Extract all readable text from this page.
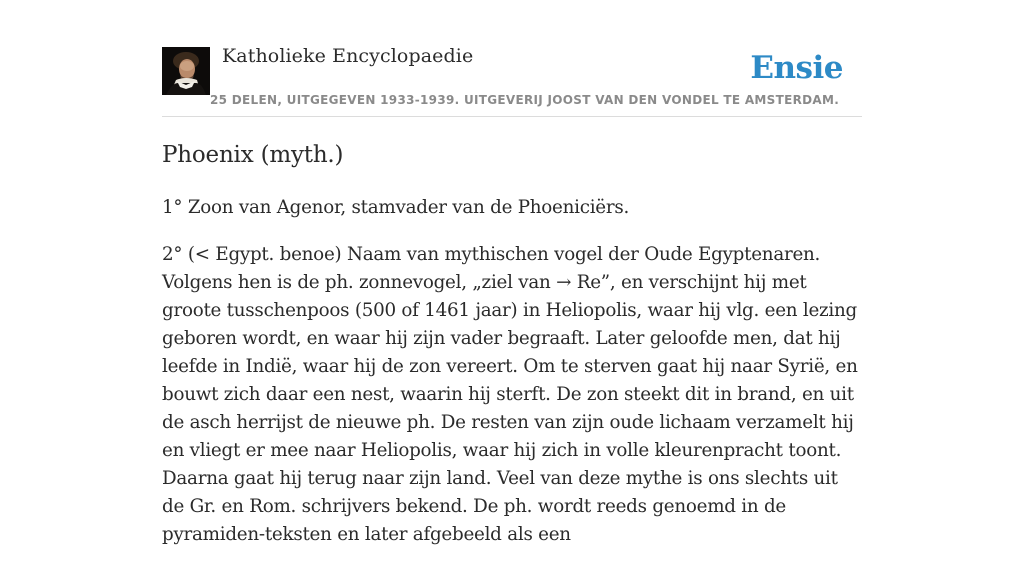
Katholieke Encyclopaedie
25 DELEN, UITGEGEVEN 1933-1939. UITGEVERIJ JOOST VAN DEN VONDEL TE AMSTERDAM.
Ensie
Phoenix (myth.)

1° Zoon van Agenor, stamvader van de Phoeniciërs.

2° (< Egypt. benoe) Naam van mythischen vogel der Oude Egyptenaren. Volgens hen is de ph. zonnevogel, „ziel van → Re”, en verschijnt hij met groote tusschenpoos (500 of 1461 jaar) in Heliopolis, waar hij vlg. een lezing geboren wordt, en waar hij zijn vader begraaft. Later geloofde men, dat hij leefde in Indië, waar hij de zon vereert. Om te sterven gaat hij naar Syrië, en bouwt zich daar een nest, waarin hij sterft. De zon steekt dit in brand, en uit de asch herrijst de nieuwe ph. De resten van zijn oude lichaam verzamelt hij en vliegt er mee naar Heliopolis, waar hij zich in volle kleurenpracht toont. Daarna gaat hij terug naar zijn land. Veel van deze mythe is ons slechts uit de Gr. en Rom. schrijvers bekend. De ph. wordt reeds genoemd in de pyramiden-teksten en later afgebeeld als een
